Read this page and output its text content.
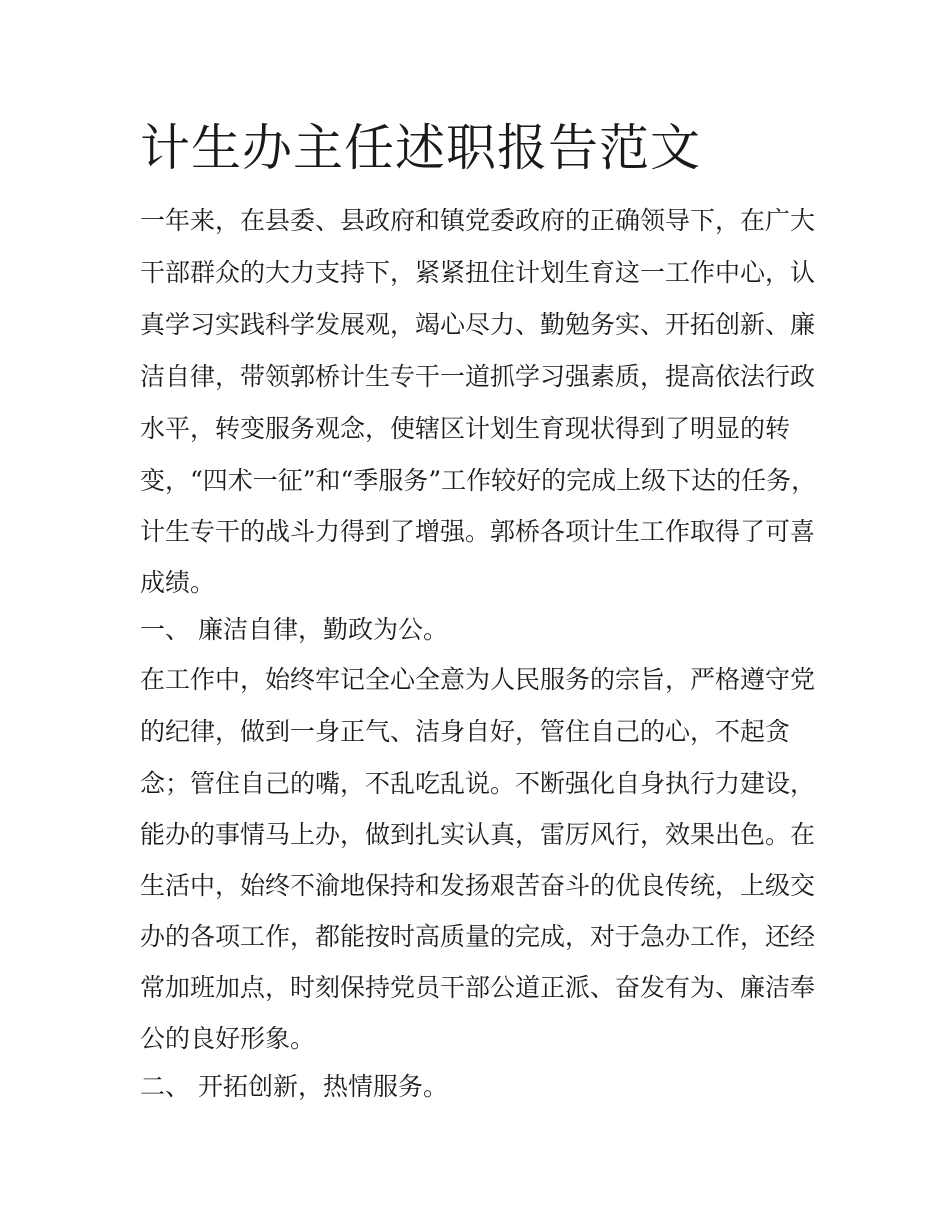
计生办主任述职报告范文

一年来，在县委、县政府和镇党委政府的正确领导下，在广大

干部群众的大力支持下，紧紧扭住计划生育这一工作中心，认

真学习实践科学发展观，竭心尽力、勤勉务实、开拓创新、廉

洁自律，带领郭桥计生专干一道抓学习强素质，提高依法行政

水平，转变服务观念，使辖区计划生育现状得到了明显的转

变，“四术一征”和“季服务”工作较好的完成上级下达的任务，

计生专干的战斗力得到了增强。郭桥各项计生工作取得了可喜

成绩。

一、 廉洁自律，勤政为公。

在工作中，始终牢记全心全意为人民服务的宗旨，严格遵守党

的纪律，做到一身正气、洁身自好，管住自己的心，不起贪

念；管住自己的嘴，不乱吃乱说。不断强化自身执行力建设，

能办的事情马上办，做到扎实认真，雷厉风行，效果出色。在

生活中，始终不渝地保持和发扬艰苦奋斗的优良传统，上级交

办的各项工作，都能按时高质量的完成，对于急办工作，还经

常加班加点，时刻保持党员干部公道正派、奋发有为、廉洁奉

公的良好形象。

二、 开拓创新，热情服务。
